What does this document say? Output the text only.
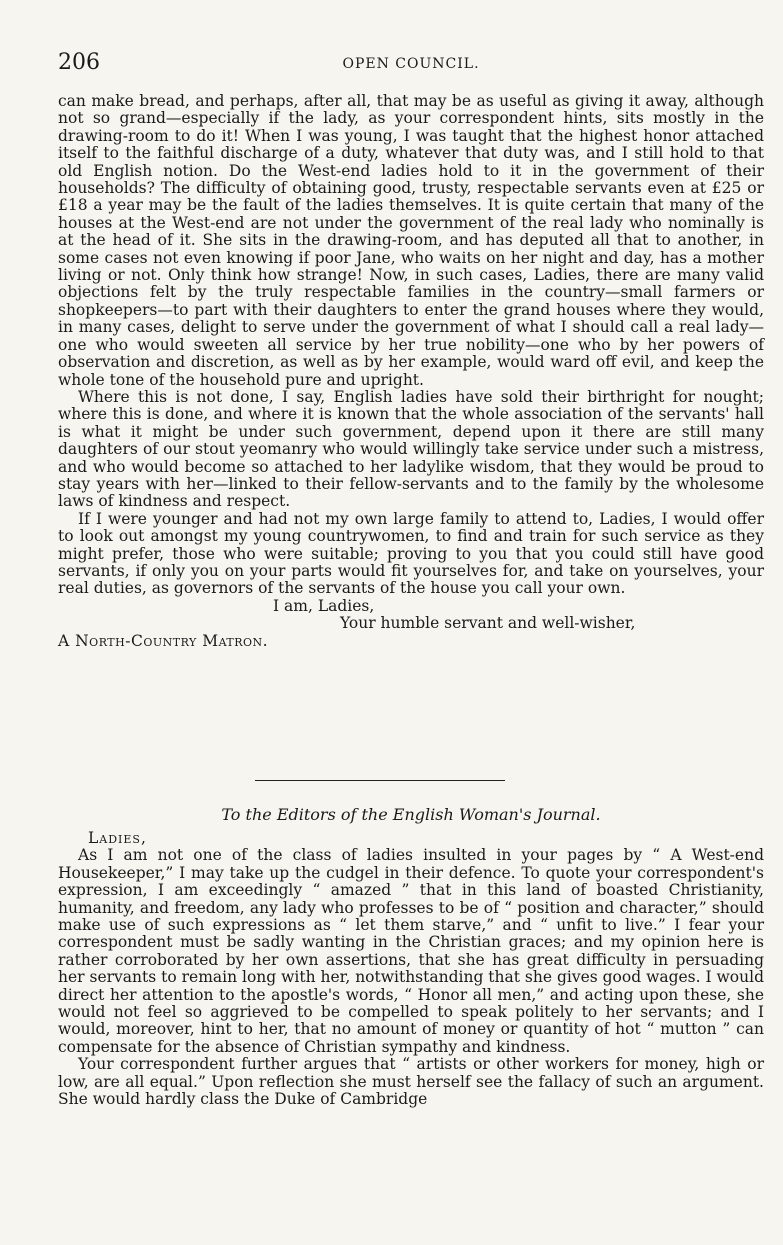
206	OPEN COUNCIL.

can make bread, and perhaps, after all, that may be as useful as giving it away, although not so grand—especially if the lady, as your correspondent hints, sits mostly in the drawing-room to do it! When I was young, I was taught that the highest honor attached itself to the faithful discharge of a duty, whatever that duty was, and I still hold to that old English notion. Do the West-end ladies hold to it in the government of their households? The difficulty of obtaining good, trusty, respectable servants even at £25 or £18 a year may be the fault of the ladies themselves. It is quite certain that many of the houses at the West-end are not under the government of the real lady who nominally is at the head of it. She sits in the drawing-room, and has deputed all that to another, in some cases not even knowing if poor Jane, who waits on her night and day, has a mother living or not. Only think how strange! Now, in such cases, Ladies, there are many valid objections felt by the truly respectable families in the country—small farmers or shopkeepers—to part with their daughters to enter the grand houses where they would, in many cases, delight to serve under the government of what I should call a real lady—one who would sweeten all service by her true nobility—one who by her powers of observation and discretion, as well as by her example, would ward off evil, and keep the whole tone of the household pure and upright.

Where this is not done, I say, English ladies have sold their birthright for nought; where this is done, and where it is known that the whole association of the servants' hall is what it might be under such government, depend upon it there are still many daughters of our stout yeomanry who would willingly take service under such a mistress, and who would become so attached to her ladylike wisdom, that they would be proud to stay years with her—linked to their fellow-servants and to the family by the wholesome laws of kindness and respect.

If I were younger and had not my own large family to attend to, Ladies, I would offer to look out amongst my young countrywomen, to find and train for such service as they might prefer, those who were suitable; proving to you that you could still have good servants, if only you on your parts would fit yourselves for, and take on yourselves, your real duties, as governors of the servants of the house you call your own.

I am, Ladies,

Your humble servant and well-wisher,

A North-Country Matron.

To the Editors of the English Woman's Journal.

Ladies,

As I am not one of the class of ladies insulted in your pages by “ A West-end Housekeeper,” I may take up the cudgel in their defence. To quote your correspondent's expression, I am exceedingly “ amazed ” that in this land of boasted Christianity, humanity, and freedom, any lady who professes to be of “ position and character,” should make use of such expressions as “ let them starve,” and “ unfit to live.” I fear your correspondent must be sadly wanting in the Christian graces; and my opinion here is rather corroborated by her own assertions, that she has great difficulty in persuading her servants to remain long with her, notwithstanding that she gives good wages. I would direct her attention to the apostle's words, “ Honor all men,” and acting upon these, she would not feel so aggrieved to be compelled to speak politely to her servants; and I would, moreover, hint to her, that no amount of money or quantity of hot “ mutton ” can compensate for the absence of Christian sympathy and kindness.

Your correspondent further argues that “ artists or other workers for money, high or low, are all equal.” Upon reflection she must herself see the fallacy of such an argument. She would hardly class the Duke of Cambridge
